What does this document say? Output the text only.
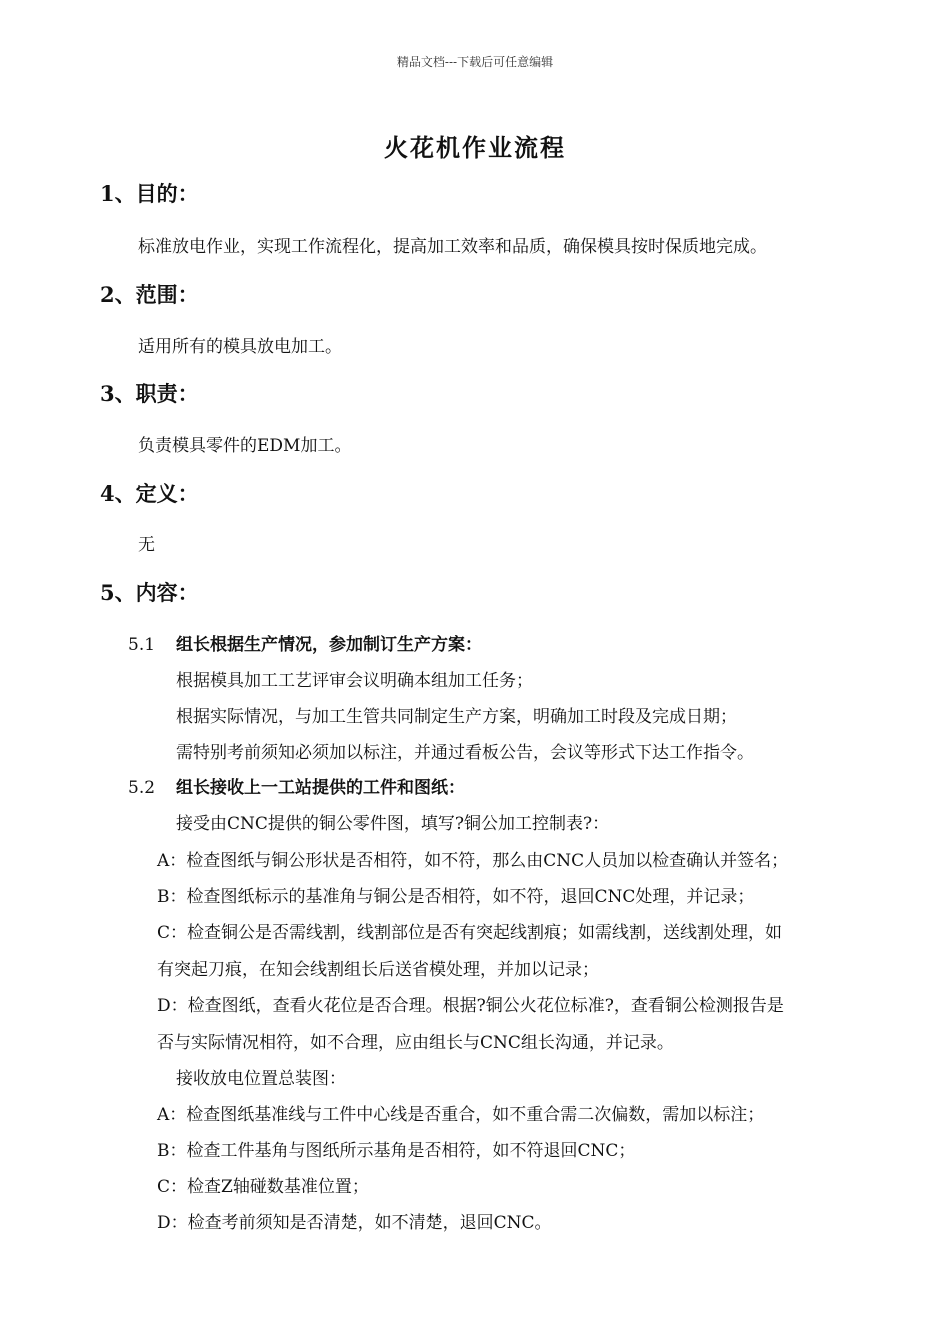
精品文档---下载后可任意编辑
火花机作业流程
1、目的：
标准放电作业，实现工作流程化，提高加工效率和品质，确保模具按时保质地完成。
2、范围：
适用所有的模具放电加工。
3、职责：
负责模具零件的EDM加工。
4、定义：
无
5、内容：
5.1 组长根据生产情况，参加制订生产方案：
根据模具加工工艺评审会议明确本组加工任务；
根据实际情况，与加工生管共同制定生产方案，明确加工时段及完成日期；
需特别考前须知必须加以标注，并通过看板公告，会议等形式下达工作指令。
5.2 组长接收上一工站提供的工件和图纸：
接受由CNC提供的铜公零件图，填写?铜公加工控制表?：
A：检查图纸与铜公形状是否相符，如不符，那么由CNC人员加以检查确认并签名；
B：检查图纸标示的基准角与铜公是否相符，如不符，退回CNC处理，并记录；
C：检查铜公是否需线割，线割部位是否有突起线割痕；如需线割，送线割处理，如
有突起刀痕，在知会线割组长后送省模处理，并加以记录；
D：检查图纸，查看火花位是否合理。根据?铜公火花位标准?，查看铜公检测报告是
否与实际情况相符，如不合理，应由组长与CNC组长沟通，并记录。
接收放电位置总装图：
A：检查图纸基准线与工件中心线是否重合，如不重合需二次偏数，需加以标注；
B：检查工件基角与图纸所示基角是否相符，如不符退回CNC；
C：检查Z轴碰数基准位置；
D：检查考前须知是否清楚，如不清楚，退回CNC。
